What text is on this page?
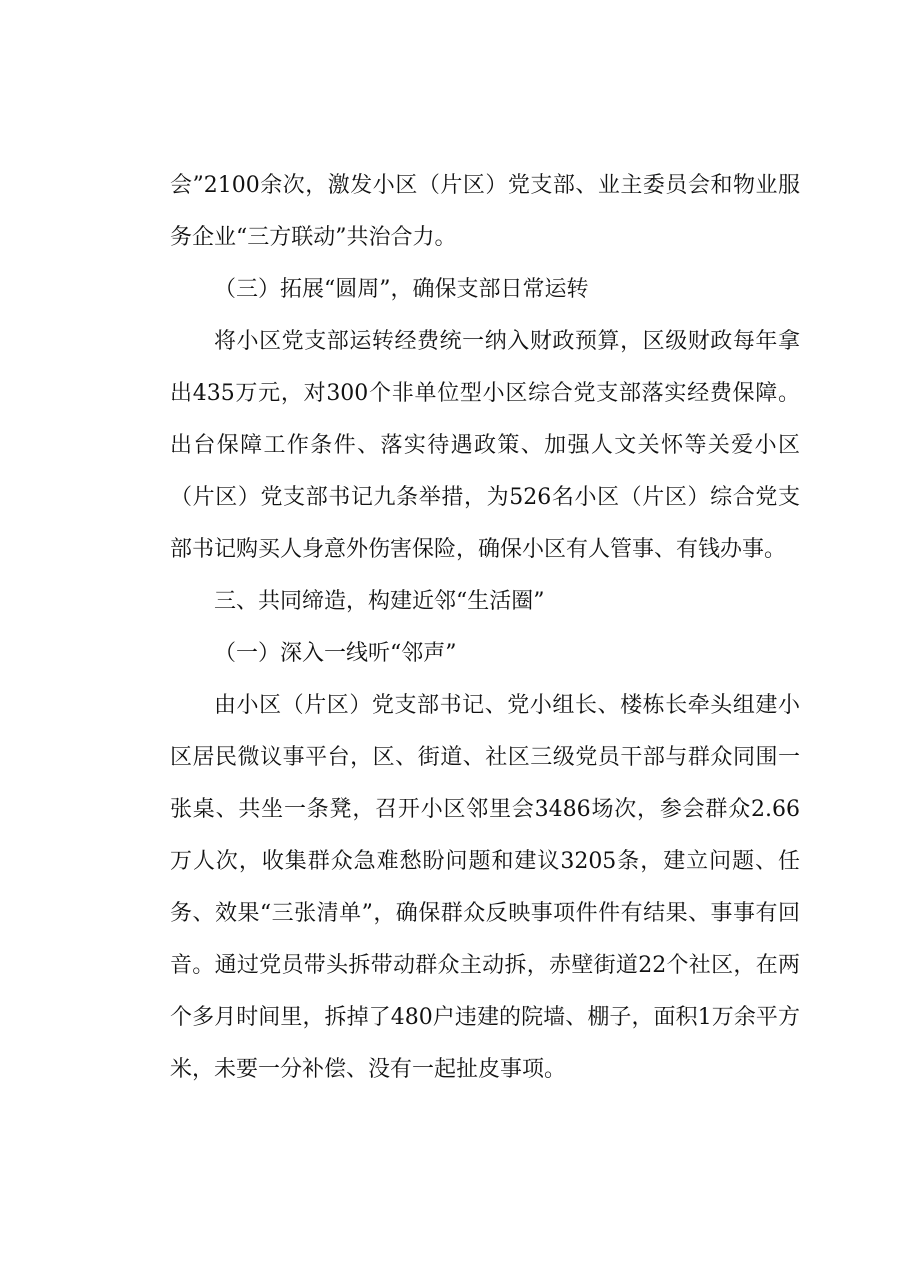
会”2100余次，激发小区（片区）党支部、业主委员会和物业服务企业“三方联动”共治合力。

（三）拓展“圆周”，确保支部日常运转

将小区党支部运转经费统一纳入财政预算，区级财政每年拿出435万元，对300个非单位型小区综合党支部落实经费保障。出台保障工作条件、落实待遇政策、加强人文关怀等关爱小区（片区）党支部书记九条举措，为526名小区（片区）综合党支部书记购买人身意外伤害保险，确保小区有人管事、有钱办事。

三、共同缔造，构建近邻“生活圈”

（一）深入一线听“邻声”

由小区（片区）党支部书记、党小组长、楼栋长牵头组建小区居民微议事平台，区、街道、社区三级党员干部与群众同围一张桌、共坐一条凳，召开小区邻里会3486场次，参会群众2.66万人次，收集群众急难愁盼问题和建议3205条，建立问题、任务、效果“三张清单”，确保群众反映事项件件有结果、事事有回音。通过党员带头拆带动群众主动拆，赤壁街道22个社区，在两个多月时间里，拆掉了480户违建的院墙、棚子，面积1万余平方米，未要一分补偿、没有一起扯皮事项。
